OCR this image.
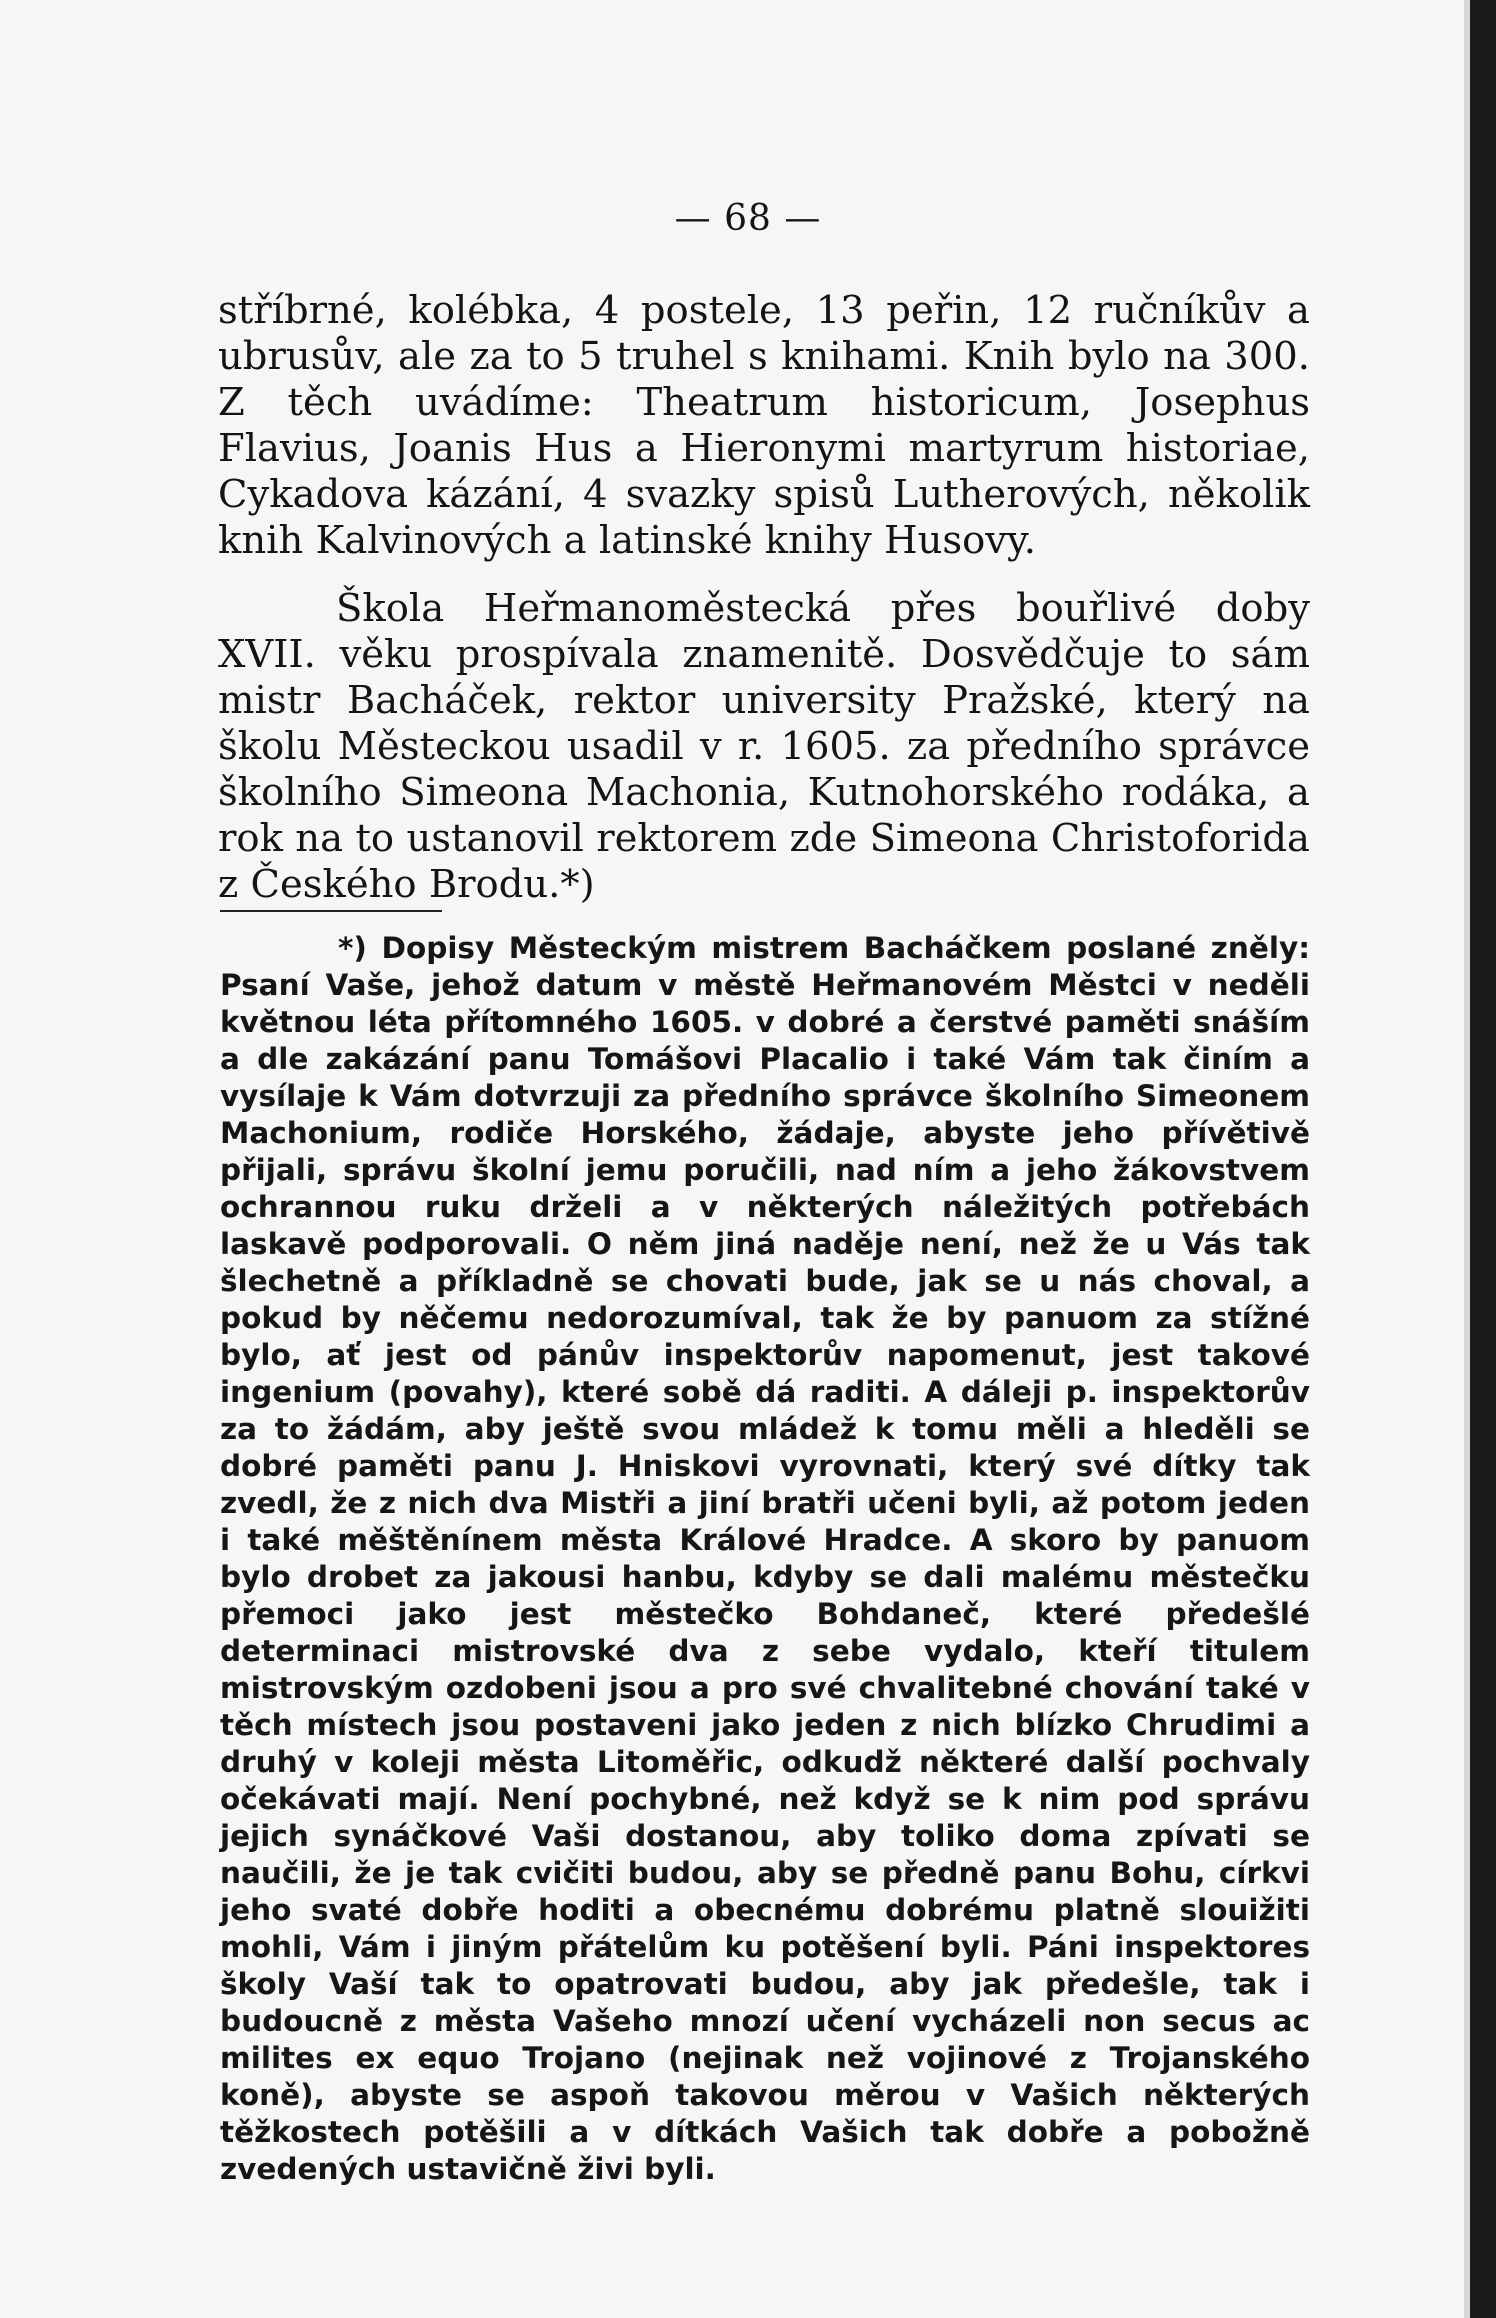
— 68 —

stříbrné, kolébka, 4 postele, 13 peřin, 12 ručníkův a ubrusův, ale za to 5 truhel s knihami. Knih bylo na 300. Z těch uvádíme: Theatrum historicum, Josephus Flavius, Joanis Hus a Hieronymi martyrum historiae, Cykadova kázání, 4 svazky spisů Lutherových, několik knih Kalvinových a latinské knihy Husovy.

Škola Heřmanoměstecká přes bouřlivé doby XVII. věku prospívala znamenitě. Dosvědčuje to sám mistr Bacháček, rektor university Pražské, který na školu Městeckou usadil v r. 1605. za předního správce školního Simeona Machonia, Kutnohorského rodáka, a rok na to ustanovil rektorem zde Simeona Christoforida z Českého Brodu.*)

*) Dopisy Městeckým mistrem Bacháčkem poslané zněly: Psaní Vaše, jehož datum v městě Heřmanovém Městci v neděli květnou léta přítomného 1605. v dobré a čerstvé paměti snáším a dle zakázání panu Tomášovi Placalio i také Vám tak činím a vysílaje k Vám dotvrzuji za předního správce školního Simeonem Machonium, rodiče Horského, žádaje, abyste jeho přívětivě přijali, správu školní jemu poručili, nad ním a jeho žákovstvem ochrannou ruku drželi a v některých náležitých potřebách laskavě podporovali. O něm jiná naděje není, než že u Vás tak šlechetně a příkladně se chovati bude, jak se u nás choval, a pokud by něčemu nedorozumíval, tak že by panuom za stížné bylo, ať jest od pánův inspektorův napomenut, jest takové ingenium (povahy), které sobě dá raditi. A dáleji p. inspektorův za to žádám, aby ještě svou mládež k tomu měli a hleděli se dobré paměti panu J. Hniskovi vyrovnati, který své dítky tak zvedl, že z nich dva Mistři a jiní bratři učeni byli, až potom jeden i také měštěnínem města Králové Hradce. A skoro by panuom bylo drobet za jakousi hanbu, kdyby se dali malému městečku přemoci jako jest městečko Bohdaneč, které předešlé determinaci mistrovské dva z sebe vydalo, kteří titulem mistrovským ozdobeni jsou a pro své chvalitebné chování také v těch místech jsou postaveni jako jeden z nich blízko Chrudimi a druhý v koleji města Litoměřic, odkudž některé další pochvaly očekávati mají. Není pochybné, než když se k nim pod správu jejich synáčkové Vaši dostanou, aby toliko doma zpívati se naučili, že je tak cvičiti budou, aby se předně panu Bohu, církvi jeho svaté dobře hoditi a obecnému dobrému platně slouižiti mohli, Vám i jiným přátelům ku potěšení byli. Páni inspektores školy Vaší tak to opatrovati budou, aby jak předešle, tak i budoucně z města Vašeho mnozí učení vycházeli non secus ac milites ex equo Trojano (nejinak než vojinové z Trojanského koně), abyste se aspoň takovou měrou v Vašich některých těžkostech potěšili a v dítkách Vašich tak dobře a pobožně zvedených ustavičně živi byli.
